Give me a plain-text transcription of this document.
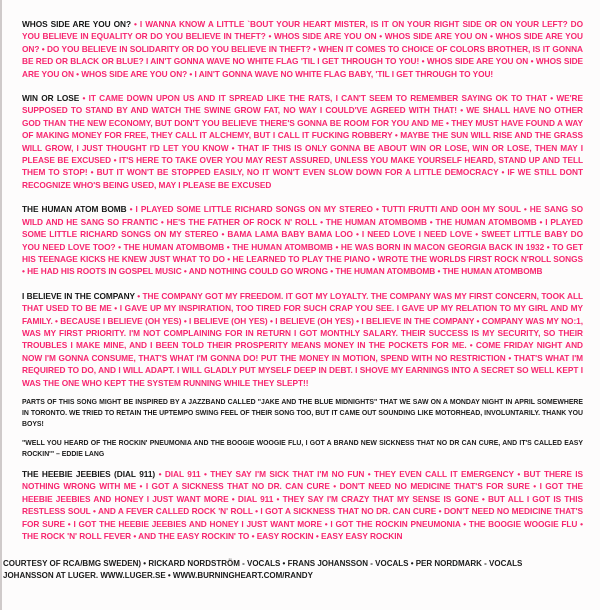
WHOS SIDE ARE YOU ON? • I WANNA KNOW A LITTLE `BOUT YOUR HEART MISTER, IS IT ON YOUR RIGHT SIDE OR ON YOUR LEFT? DO YOU BELIEVE IN EQUALITY OR DO YOU BELIEVE IN THEFT? • WHOS SIDE ARE YOU ON • WHOS SIDE ARE YOU ON • WHOS SIDE ARE YOU ON? • DO YOU BELIEVE IN SOLIDARITY OR DO YOU BELIEVE IN THEFT? • WHEN IT COMES TO CHOICE OF COLORS BROTHER, IS IT GONNA BE RED OR BLACK OR BLUE? I AIN'T GONNA WAVE NO WHITE FLAG 'TIL I GET THROUGH TO YOU! • WHOS SIDE ARE YOU ON • WHOS SIDE ARE YOU ON • WHOS SIDE ARE YOU ON? • I AIN'T GONNA WAVE NO WHITE FLAG BABY, 'TIL I GET THROUGH TO YOU!
WIN OR LOSE • IT CAME DOWN UPON US AND IT SPREAD LIKE THE RATS, I CAN'T SEEM TO REMEMBER SAYING OK TO THAT • WE'RE SUPPOSED TO STAND BY AND WATCH THE SWINE GROW FAT, NO WAY I COULD'VE AGREED WITH THAT! • WE SHALL HAVE NO OTHER GOD THAN THE NEW ECONOMY, BUT DON'T YOU BELIEVE THERE'S GONNA BE ROOM FOR YOU AND ME • THEY MUST HAVE FOUND A WAY OF MAKING MONEY FOR FREE, THEY CALL IT ALCHEMY, BUT I CALL IT FUCKING ROBBERY • MAYBE THE SUN WILL RISE AND THE GRASS WILL GROW, I JUST THOUGHT I'D LET YOU KNOW • THAT IF THIS IS ONLY GONNA BE ABOUT WIN OR LOSE, WIN OR LOSE, THEN MAY I PLEASE BE EXCUSED • IT'S HERE TO TAKE OVER YOU MAY REST ASSURED, UNLESS YOU MAKE YOURSELF HEARD, STAND UP AND TELL THEM TO STOP! • BUT IT WON'T BE STOPPED EASILY, NO IT WON'T EVEN SLOW DOWN FOR A LITTLE DEMOCRACY • IF WE STILL DONT RECOGNIZE WHO'S BEING USED, MAY I PLEASE BE EXCUSED
THE HUMAN ATOM BOMB • I PLAYED SOME LITTLE RICHARD SONGS ON MY STEREO • TUTTI FRUTTI AND OOH MY SOUL • HE SANG SO WILD AND HE SANG SO FRANTIC • HE'S THE FATHER OF ROCK N' ROLL • THE HUMAN ATOMBOMB • THE HUMAN ATOMBOMB • I PLAYED SOME LITTLE RICHARD SONGS ON MY STEREO • BAMA LAMA BABY BAMA LOO • I NEED LOVE I NEED LOVE • SWEET LITTLE BABY DO YOU NEED LOVE TOO? • THE HUMAN ATOMBOMB • THE HUMAN ATOMBOMB • HE WAS BORN IN MACON GEORGIA BACK IN 1932 • TO GET HIS TEENAGE KICKS HE KNEW JUST WHAT TO DO • HE LEARNED TO PLAY THE PIANO • WROTE THE WORLDS FIRST ROCK N'ROLL SONGS • HE HAD HIS ROOTS IN GOSPEL MUSIC • AND NOTHING COULD GO WRONG • THE HUMAN ATOMBOMB • THE HUMAN ATOMBOMB
I BELIEVE IN THE COMPANY • THE COMPANY GOT MY FREEDOM. IT GOT MY LOYALTY. THE COMPANY WAS MY FIRST CONCERN, TOOK ALL THAT USED TO BE ME • I GAVE UP MY INSPIRATION, TOO TIRED FOR SUCH CRAP YOU SEE. I GAVE UP MY RELATION TO MY GIRL AND MY FAMILY. • BECAUSE I BELIEVE (OH YES) • I BELIEVE (OH YES) • I BELIEVE (OH YES) • I BELIEVE IN THE COMPANY • COMPANY WAS MY NO:1, WAS MY FIRST PRIORITY. I'M NOT COMPLAINING FOR IN RETURN I GOT MONTHLY SALARY. THEIR SUCCESS IS MY SECURITY, SO THEIR TROUBLES I MAKE MINE, AND I BEEN TOLD THEIR PROSPERITY MEANS MONEY IN THE POCKETS FOR ME. • COME FRIDAY NIGHT AND NOW I'M GONNA CONSUME, THAT'S WHAT I'M GONNA DO! PUT THE MONEY IN MOTION, SPEND WITH NO RESTRICTION • THAT'S WHAT I'M REQUIRED TO DO, AND I WILL ADAPT. I WILL GLADLY PUT MYSELF DEEP IN DEBT. I SHOVE MY EARNINGS INTO A SECRET SO WELL KEPT I WAS THE ONE WHO KEPT THE SYSTEM RUNNING WHILE THEY SLEPT!!
PARTS OF THIS SONG MIGHT BE INSPIRED BY A JAZZBAND CALLED "JAKE AND THE BLUE MIDNIGHTS" THAT WE SAW ON A MONDAY NIGHT IN APRIL SOMEWHERE IN TORONTO. WE TRIED TO RETAIN THE UPTEMPO SWING FEEL OF THEIR SONG TOO, BUT IT CAME OUT SOUNDING LIKE MOTORHEAD, INVOLUNTARILY. THANK YOU BOYS!
"WELL YOU HEARD OF THE ROCKIN' PNEUMONIA AND THE BOOGIE WOOGIE FLU, I GOT A BRAND NEW SICKNESS THAT NO DR CAN CURE, AND IT'S CALLED EASY ROCKIN'" – EDDIE LANG
THE HEEBIE JEEBIES (DIAL 911) • DIAL 911 • THEY SAY I'M SICK THAT I'M NO FUN • THEY EVEN CALL IT EMERGENCY • BUT THERE IS NOTHING WRONG WITH ME • I GOT A SICKNESS THAT NO DR. CAN CURE • DON'T NEED NO MEDICINE THAT'S FOR SURE • I GOT THE HEEBIE JEEBIES AND HONEY I JUST WANT MORE • DIAL 911 • THEY SAY I'M CRAZY THAT MY SENSE IS GONE • BUT ALL I GOT IS THIS RESTLESS SOUL • AND A FEVER CALLED ROCK 'N' ROLL • I GOT A SICKNESS THAT NO DR. CAN CURE • DON'T NEED NO MEDICINE THAT'S FOR SURE • I GOT THE HEEBIE JEEBIES AND HONEY I JUST WANT MORE • I GOT THE ROCKIN PNEUMONIA • THE BOOGIE WOOGIE FLU • THE ROCK 'N' ROLL FEVER • AND THE EASY ROCKIN' TO • EASY ROCKIN • EASY EASY ROCKIN
COURTESY OF RCA/BMG SWEDEN) • RICKARD NORDSTRÖM - VOCALS • FRANS JOHANSSON - VOCALS • PER NORDMARK - VOCALS
JOHANSSON AT LUGER. WWW.LUGER.SE • WWW.BURNINGHEART.COM/RANDY
